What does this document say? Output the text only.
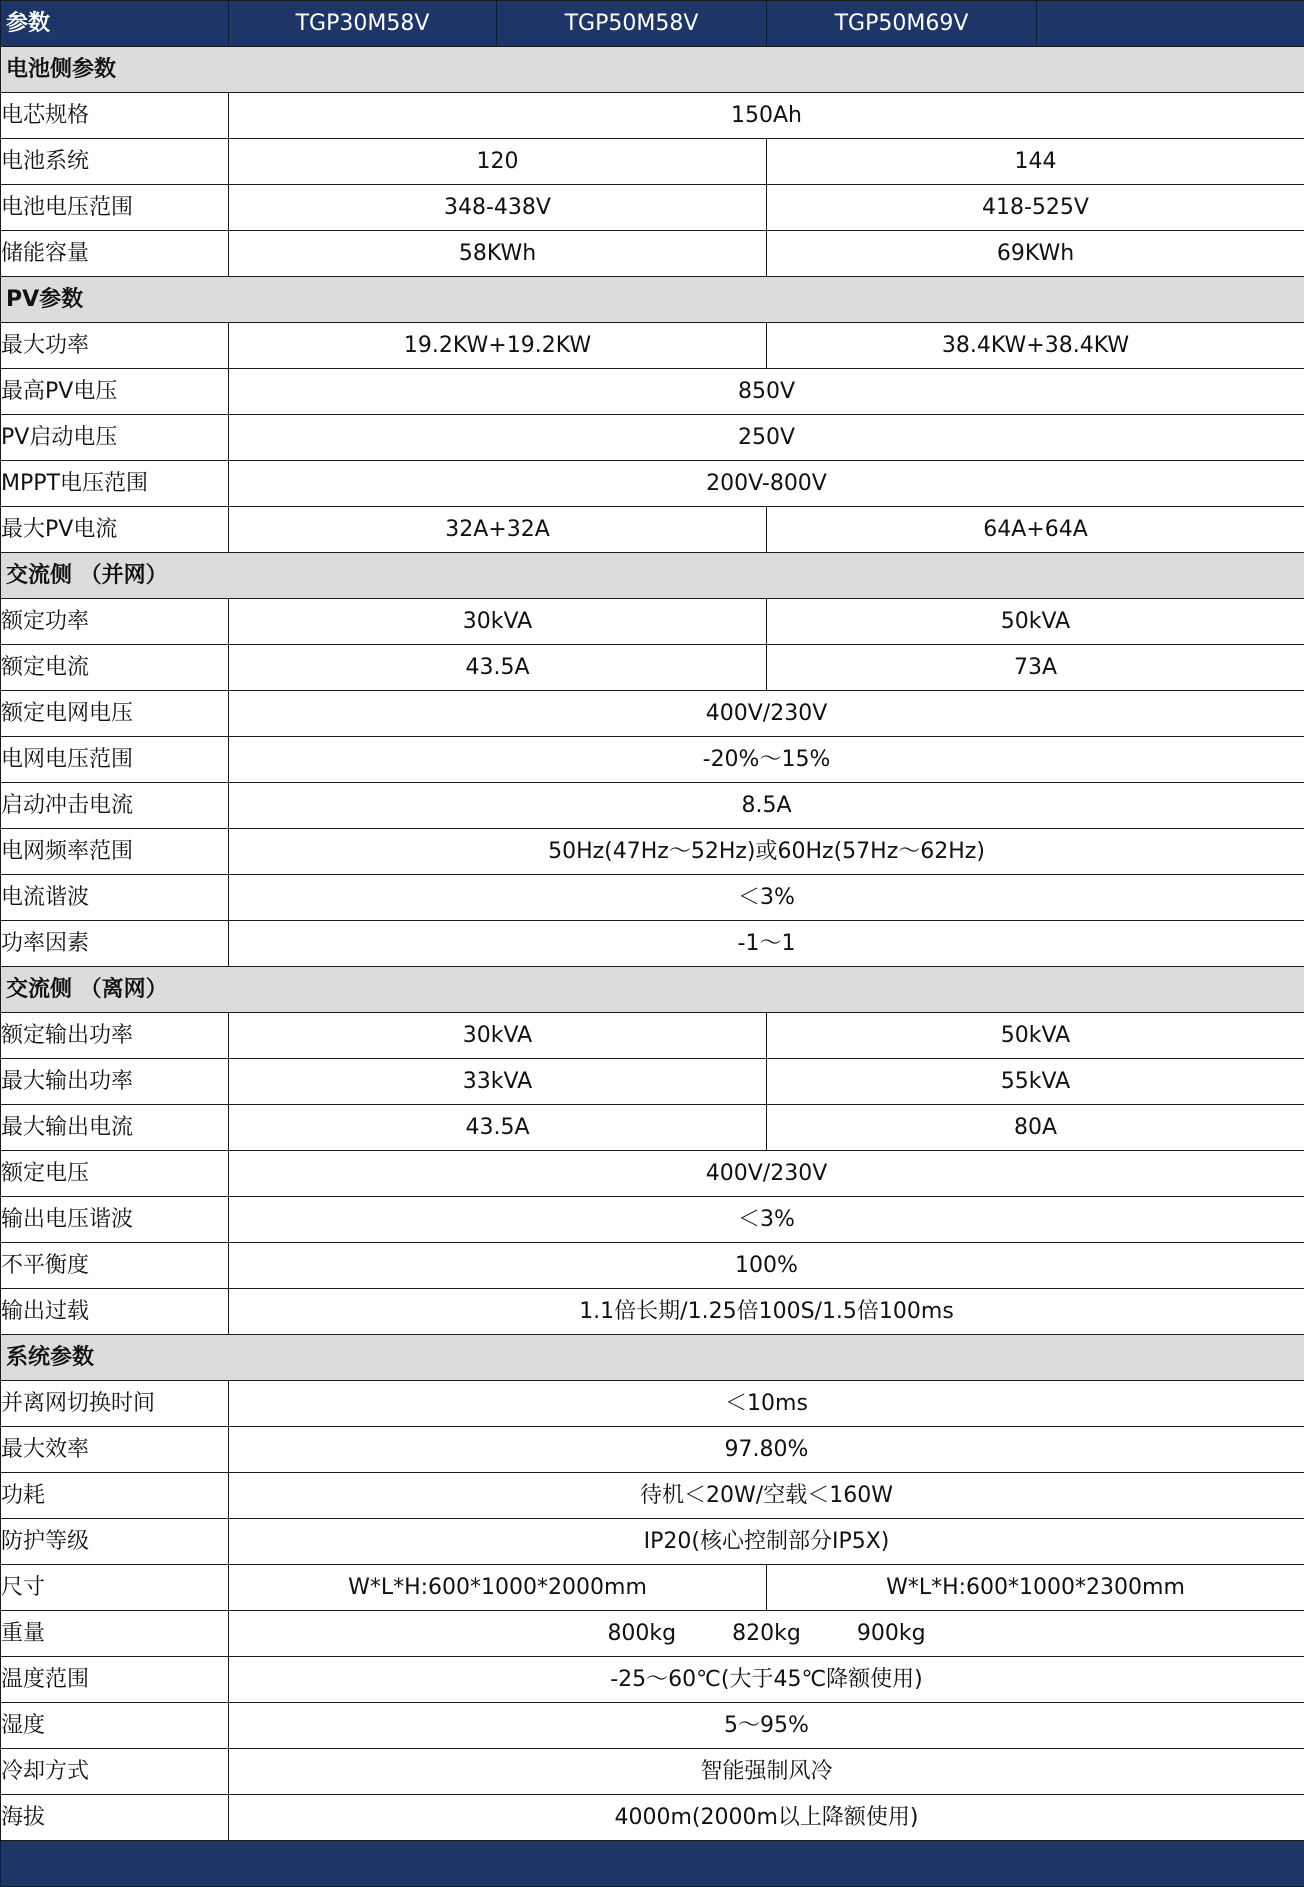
参数	TGP30M58V	TGP50M58V	TGP50M69V	
电池侧参数				
电芯规格	150Ah			
电池系统	120		144	
电池电压范围	348-438V		418-525V	
储能容量	58KWh		69KWh	
PV参数				
最大功率	19.2KW+19.2KW		38.4KW+38.4KW	
最高PV电压	850V			
PV启动电压	250V			
MPPT电压范围	200V-800V			
最大PV电流	32A+32A		64A+64A	
交流侧 （并网）				
额定功率	30kVA		50kVA	
额定电流	43.5A		73A	
额定电网电压	400V/230V			
电网电压范围	-20%～15%			
启动冲击电流	8.5A			
电网频率范围	50Hz(47Hz～52Hz)或60Hz(57Hz～62Hz)			
电流谐波	＜3%			
功率因素	-1～1			
交流侧 （离网）				
额定输出功率	30kVA		50kVA	
最大输出功率	33kVA		55kVA	
最大输出电流	43.5A		80A	
额定电压	400V/230V			
输出电压谐波	＜3%			
不平衡度	100%			
输出过载	1.1倍长期/1.25倍100S/1.5倍100ms			
系统参数				
并离网切换时间	＜10ms			
最大效率	97.80%			
功耗	待机＜20W/空载＜160W			
防护等级	IP20(核心控制部分IP5X)			
尺寸	W*L*H:600*1000*2000mm		W*L*H:600*1000*2300mm	
重量	800kg 820kg 900kg			
温度范围	-25～60℃(大于45℃降额使用)			
湿度	5～95%			
冷却方式	智能强制风冷			
海拔	4000m(2000m以上降额使用)			
